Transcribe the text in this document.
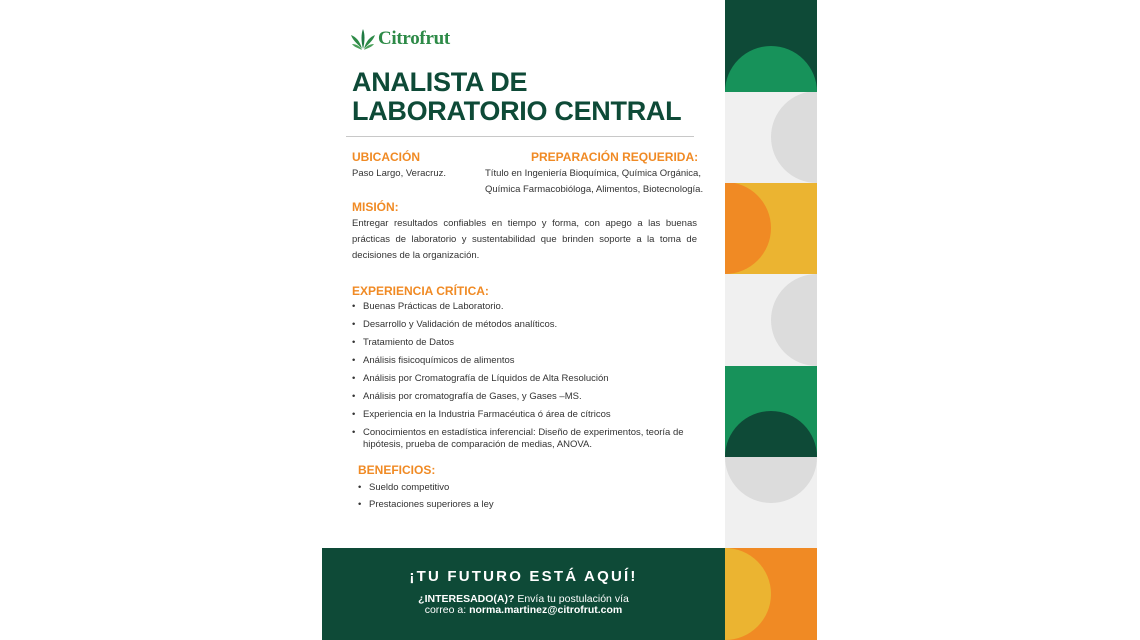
Citrofrut
ANALISTA DE
LABORATORIO CENTRAL
UBICACIÓN

Paso Largo, Veracruz.

PREPARACIÓN REQUERIDA:

Título en Ingeniería Bioquímica, Química Orgánica,
Química Farmacobióloga, Alimentos, Biotecnología.

MISIÓN:

Entregar resultados confiables en tiempo y forma, con apego a las buenas prácticas de laboratorio y sustentabilidad que brinden soporte a la toma de decisiones de la organización.

EXPERIENCIA CRÍTICA:
• Buenas Prácticas de Laboratorio.
• Desarrollo y Validación de métodos analíticos.
• Tratamiento de Datos
• Análisis fisicoquímicos de alimentos
• Análisis por Cromatografía de Líquidos de Alta Resolución
• Análisis por cromatografía de Gases, y Gases –MS.
• Experiencia en la Industria Farmacéutica ó área de cítricos
• Conocimientos en estadística inferencial: Diseño de experimentos, teoría de hipótesis, prueba de comparación de medias, ANOVA.
BENEFICIOS:
• Sueldo competitivo
• Prestaciones superiores a ley
¡TU FUTURO ESTÁ AQUÍ!
¿INTERESADO(A)? Envía tu postulación vía
correo a: norma.martinez@citrofrut.com
